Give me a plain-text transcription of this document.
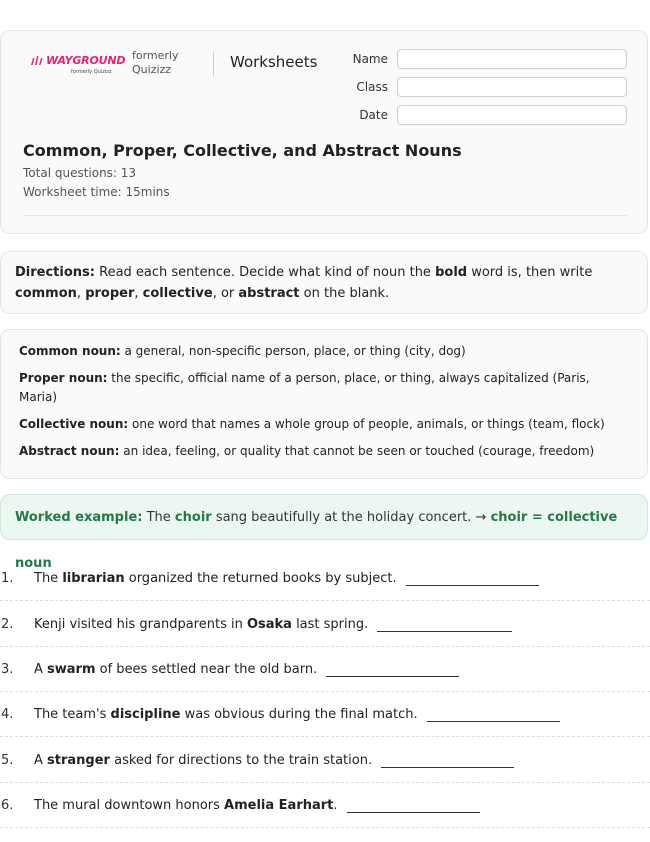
WAYGROUND
formerly Quizizz
formerly
Quizizz	Worksheets	Name
Class
Date
Common, Proper, Collective, and Abstract Nouns
Total questions: 13
Worksheet time: 15mins
Directions: Read each sentence. Decide what kind of noun the bold word is, then write common, proper, collective, or abstract on the blank.

Common noun: a general, non-specific person, place, or thing (city, dog)

Proper noun: the specific, official name of a person, place, or thing, always capitalized (Paris, Maria)

Collective noun: one word that names a whole group of people, animals, or things (team, flock)

Abstract noun: an idea, feeling, or quality that cannot be seen or touched (courage, freedom)

Worked example: The choir sang beautifully at the holiday concert. → choir = collective noun
1.	The librarian organized the returned books by subject.
2.	Kenji visited his grandparents in Osaka last spring.
3.	A swarm of bees settled near the old barn.
4.	The team's discipline was obvious during the final match.
5.	A stranger asked for directions to the train station.
6.	The mural downtown honors Amelia Earhart.
